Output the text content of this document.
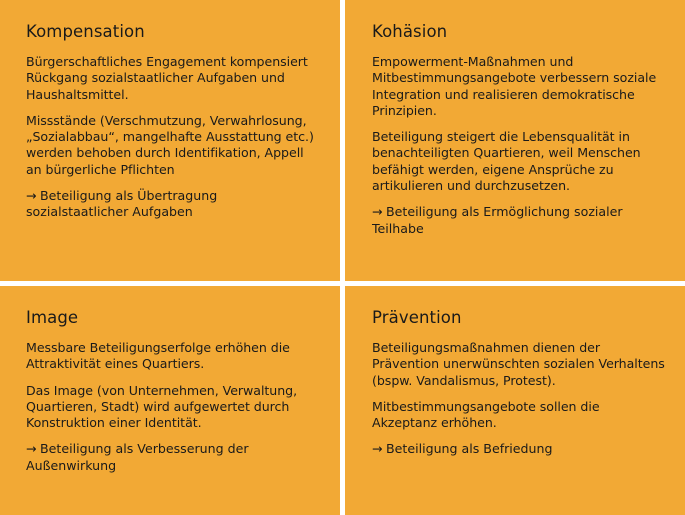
Kompensation

Bürgerschaftliches Engagement kompensiert Rückgang sozialstaatlicher Aufgaben und Haushaltsmittel.

Missstände (Verschmutzung, Verwahrlosung, „Sozialabbau“, mangelhafte Ausstattung etc.) werden behoben durch Identifikation, Appell an bürgerliche Pflichten

→ Beteiligung als Übertragung sozialstaatlicher Aufgaben

Kohäsion

Empowerment-Maßnahmen und Mitbestimmungsangebote verbessern soziale Integration und realisieren demokratische Prinzipien.

Beteiligung steigert die Lebensqualität in benachteiligten Quartieren, weil Menschen befähigt werden, eigene Ansprüche zu artikulieren und durchzusetzen.

→ Beteiligung als Ermöglichung sozialer Teilhabe

Image

Messbare Beteiligungserfolge erhöhen die Attraktivität eines Quartiers.

Das Image (von Unternehmen, Verwaltung, Quartieren, Stadt) wird aufgewertet durch Konstruktion einer Identität.

→ Beteiligung als Verbesserung der Außenwirkung

Prävention

Beteiligungsmaßnahmen dienen der Prävention unerwünschten sozialen Verhaltens (bspw. Vandalismus, Protest).

Mitbestimmungsangebote sollen die Akzeptanz erhöhen.

→ Beteiligung als Befriedung
